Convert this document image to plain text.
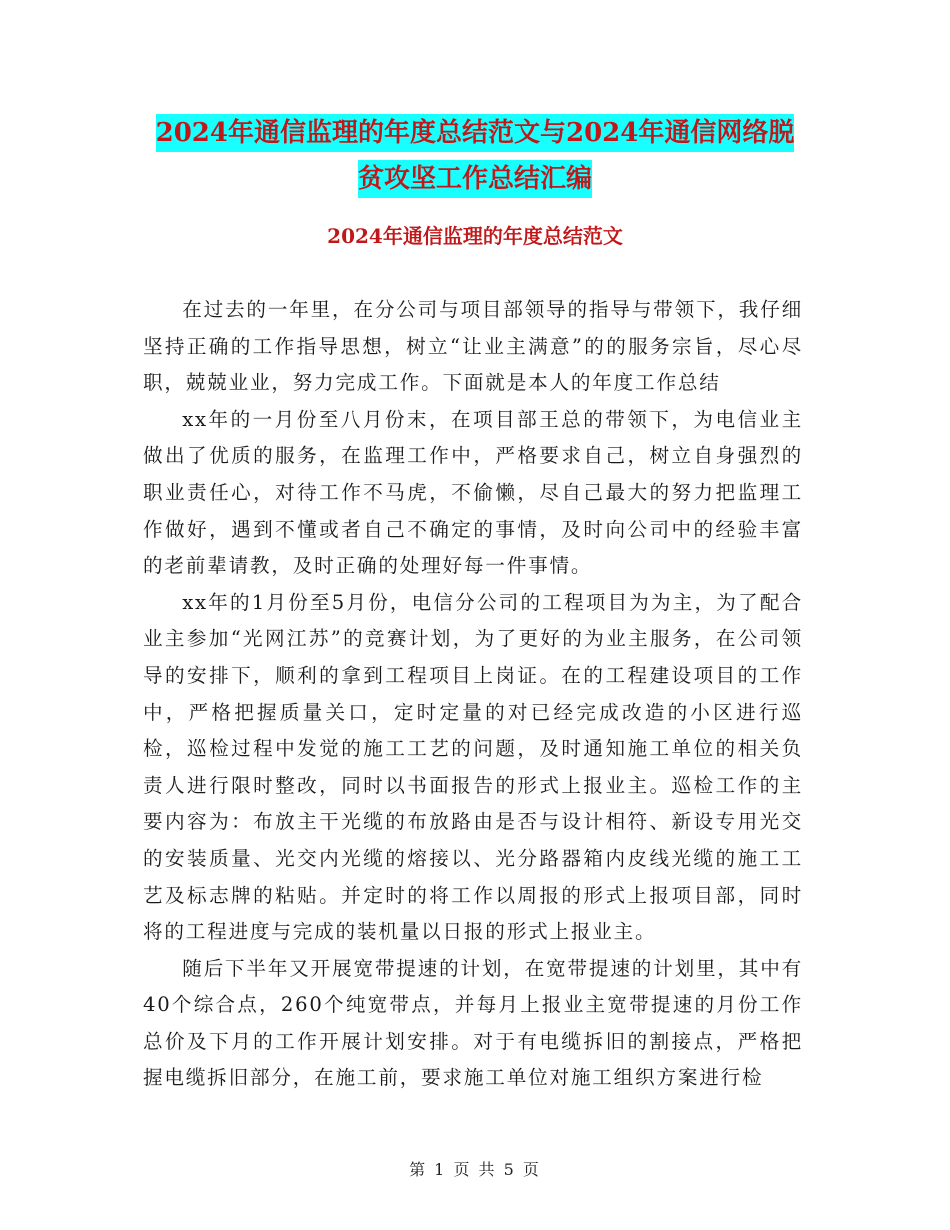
2024年通信监理的年度总结范文与2024年通信网络脱
贫攻坚工作总结汇编
2024年通信监理的年度总结范文

在过去的一年里，在分公司与项目部领导的指导与带领下，我仔细坚持正确的工作指导思想，树立“让业主满意”的的服务宗旨，尽心尽职，兢兢业业，努力完成工作。下面就是本人的年度工作总结

xx年的一月份至八月份末，在项目部王总的带领下，为电信业主做出了优质的服务，在监理工作中，严格要求自己，树立自身强烈的职业责任心，对待工作不马虎，不偷懒，尽自己最大的努力把监理工作做好，遇到不懂或者自己不确定的事情，及时向公司中的经验丰富的老前辈请教，及时正确的处理好每一件事情。

xx年的1月份至5月份，电信分公司的工程项目为为主，为了配合业主参加“光网江苏”的竞赛计划，为了更好的为业主服务，在公司领导的安排下，顺利的拿到工程项目上岗证。在的工程建设项目的工作中，严格把握质量关口，定时定量的对已经完成改造的小区进行巡检，巡检过程中发觉的施工工艺的问题，及时通知施工单位的相关负责人进行限时整改，同时以书面报告的形式上报业主。巡检工作的主要内容为：布放主干光缆的布放路由是否与设计相符、新设专用光交的安装质量、光交内光缆的熔接以、光分路器箱内皮线光缆的施工工艺及标志牌的粘贴。并定时的将工作以周报的形式上报项目部，同时将的工程进度与完成的装机量以日报的形式上报业主。

随后下半年又开展宽带提速的计划，在宽带提速的计划里，其中有40个综合点，260个纯宽带点，并每月上报业主宽带提速的月份工作总价及下月的工作开展计划安排。对于有电缆拆旧的割接点，严格把握电缆拆旧部分，在施工前，要求施工单位对施工组织方案进行检

第 1 页 共 5 页
